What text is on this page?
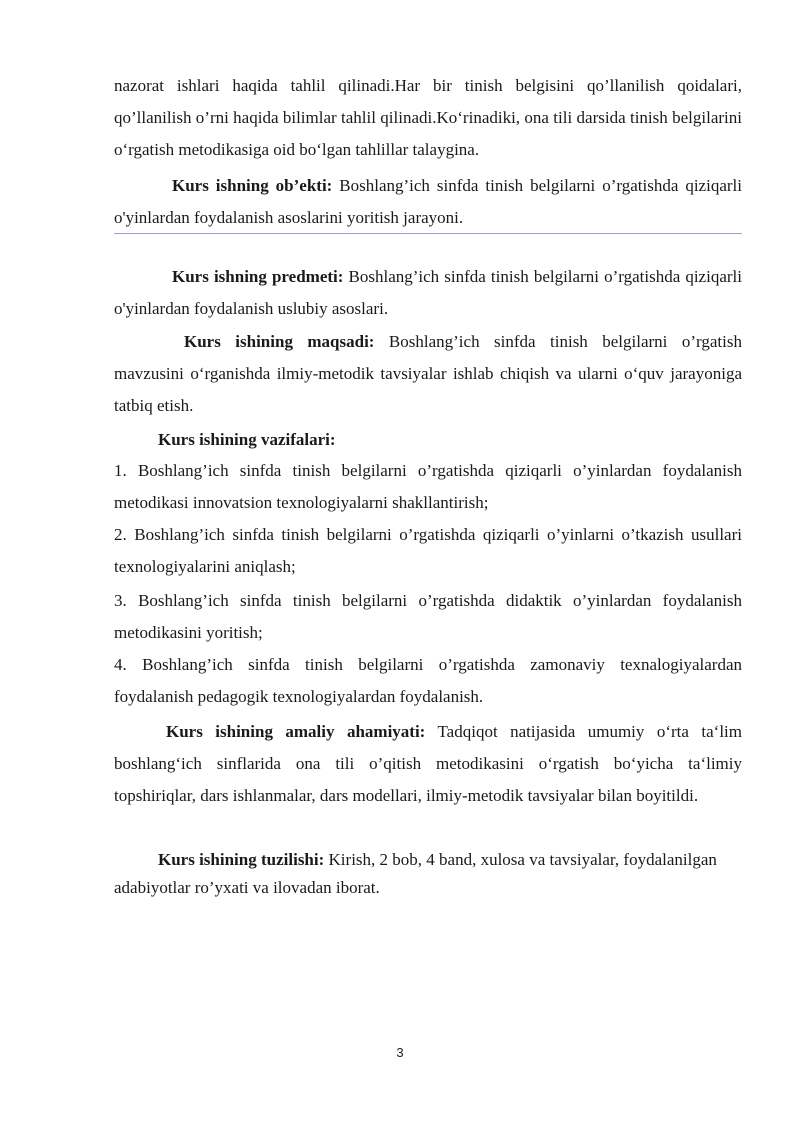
nazorat ishlari haqida tahlil qilinadi.Har bir tinish belgisini qo’llanilish qoidalari, qo’llanilish o’rni haqida bilimlar tahlil qilinadi.Ko‘rinadiki, ona tili darsida tinish belgilarini o‘rgatish metodikasiga oid bo‘lgan tahlillar talaygina.

Kurs ishning ob’ekti: Boshlang’ich sinfda tinish belgilarni o’rgatishda qiziqarli o'yinlardan foydalanish asoslarini yoritish jarayoni.

Kurs ishning predmeti: Boshlang’ich sinfda tinish belgilarni o’rgatishda qiziqarli o'yinlardan foydalanish uslubiy asoslari.

Kurs ishining maqsadi: Boshlang’ich sinfda tinish belgilarni o’rgatish mavzusini o‘rganishda ilmiy-metodik tavsiyalar ishlab chiqish va ularni o‘quv jarayoniga tatbiq etish.

Kurs ishining vazifalari:

1. Boshlang’ich sinfda tinish belgilarni o’rgatishda qiziqarli o’yinlardan foydalanish metodikasi innovatsion texnologiyalarni shakllantirish;

2. Boshlang’ich sinfda tinish belgilarni o’rgatishda qiziqarli o’yinlarni o’tkazish usullari texnologiyalarini aniqlash;

3. Boshlang’ich sinfda tinish belgilarni o’rgatishda didaktik o’yinlardan foydalanish metodikasini yoritish;

4. Boshlang’ich sinfda tinish belgilarni o’rgatishda zamonaviy texnalogiyalardan foydalanish pedagogik texnologiyalardan foydalanish.

Kurs ishining amaliy ahamiyati: Tadqiqot natijasida umumiy o‘rta ta‘lim boshlang‘ich sinflarida ona tili o’qitish metodikasini o‘rgatish bo‘yicha ta‘limiy topshiriqlar, dars ishlanmalar, dars modellari, ilmiy-metodik tavsiyalar bilan boyitildi.

Kurs ishining tuzilishi: Kirish, 2 bob, 4 band, xulosa va tavsiyalar, foydalanilgan adabiyotlar ro’yxati va ilovadan iborat.

3
